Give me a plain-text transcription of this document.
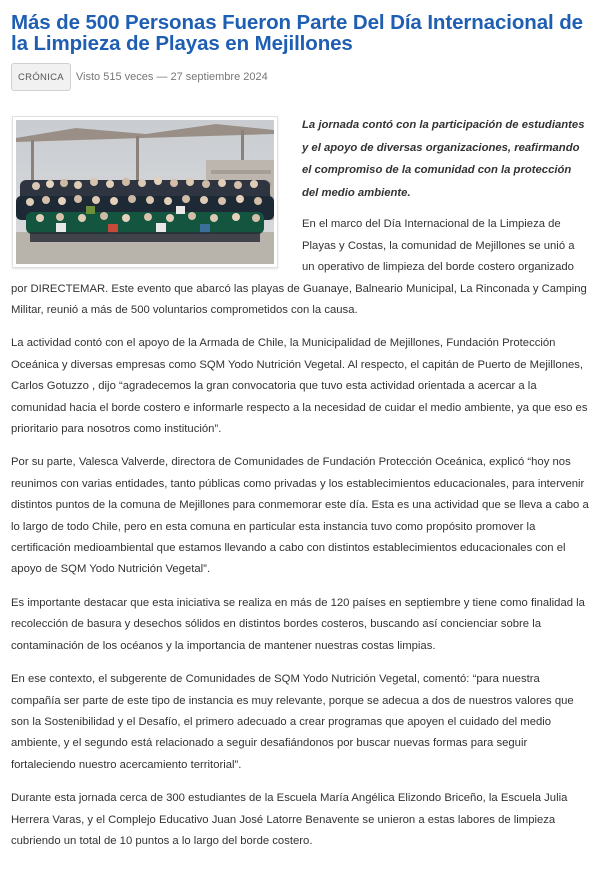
Más de 500 Personas Fueron Parte Del Día Internacional de la Limpieza de Playas en Mejillones
CRÓNICA	Visto 515 veces — 27 septiembre 2024

La jornada contó con la participación de estudiantes y el apoyo de diversas organizaciones, reafirmando el compromiso de la comunidad con la protección del medio ambiente.

En el marco del Día Internacional de la Limpieza de Playas y Costas, la comunidad de Mejillones se unió a un operativo de limpieza del borde costero organizado por DIRECTEMAR. Este evento que abarcó las playas de Guanaye, Balneario Municipal, La Rinconada y Camping Militar, reunió a más de 500 voluntarios comprometidos con la causa.

La actividad contó con el apoyo de la Armada de Chile, la Municipalidad de Mejillones, Fundación Protección Oceánica y diversas empresas como SQM Yodo Nutrición Vegetal. Al respecto, el capitán de Puerto de Mejillones, Carlos Gotuzzo , dijo “agradecemos la gran convocatoria que tuvo esta actividad orientada a acercar a la comunidad hacia el borde costero e informarle respecto a la necesidad de cuidar el medio ambiente, ya que eso es prioritario para nosotros como institución”.

Por su parte, Valesca Valverde, directora de Comunidades de Fundación Protección Oceánica, explicó “hoy nos reunimos con varias entidades, tanto públicas como privadas y los establecimientos educacionales, para intervenir distintos puntos de la comuna de Mejillones para conmemorar este día. Esta es una actividad que se lleva a cabo a lo largo de todo Chile, pero en esta comuna en particular esta instancia tuvo como propósito promover la certificación medioambiental que estamos llevando a cabo con distintos establecimientos educacionales con el apoyo de SQM Yodo Nutrición Vegetal”.

Es importante destacar que esta iniciativa se realiza en más de 120 países en septiembre y tiene como finalidad la recolección de basura y desechos sólidos en distintos bordes costeros, buscando así concienciar sobre la contaminación de los océanos y la importancia de mantener nuestras costas limpias.

En ese contexto, el subgerente de Comunidades de SQM Yodo Nutrición Vegetal, comentó: “para nuestra compañía ser parte de este tipo de instancia es muy relevante, porque se adecua a dos de nuestros valores que son la Sostenibilidad y el Desafío, el primero adecuado a crear programas que apoyen el cuidado del medio ambiente, y el segundo está relacionado a seguir desafiándonos por buscar nuevas formas para seguir fortaleciendo nuestro acercamiento territorial”.

Durante esta jornada cerca de 300 estudiantes de la Escuela María Angélica Elizondo Briceño, la Escuela Julia Herrera Varas, y el Complejo Educativo Juan José Latorre Benavente se unieron a estas labores de limpieza cubriendo un total de 10 puntos a lo largo del borde costero.
